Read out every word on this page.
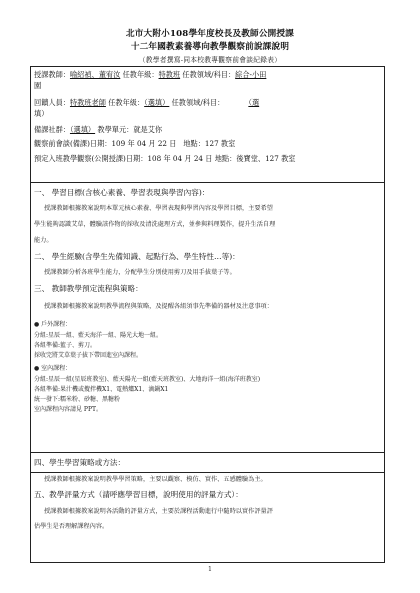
北市大附小108學年度校長及教師公開授課
十二年國教素養導向教學觀察前說課說明
（教學者撰寫-同本校教專觀察前會談紀錄表）
授課教師：喻紹禎、董宥汝 任教年級：特教班 任教領域/科目：綜合-小田
園
回饋人員：特教班老師 任教年級：（選填） 任教領域/科目：	（選
填）
備課社群：（選填） 教學單元：就是艾你
觀察前會談(備課)日期：109 年 04 月 22 日 地點：127 教室
預定入班教學觀察(公開授課)日期：108 年 04 月 24 日 地點：後寶堂、127 教室
一、 學習目標(含核心素養、學習表現與學習內容)：
授課教師根據教案說明本單元核心素養、學習表現與學習內容及學習目標，主要希望
學生能夠認識艾草，體驗該作物的採收及清洗處理方式，並參與料理製作，提升生活自理
能力。
二、 學生經驗(含學生先備知識、起點行為、學生特性…等)：
授課教師分析各班學生能力，分配學生分別使用剪刀及用手拔葉子等。
三、 教師教學預定流程與策略：
授課教師根據教案說明教學流程與策略，及提醒各組須事先準備的器材及注意事項：
● 戶外課程：
分組:星辰一組、藍天海洋一組、陽光大地一組。
各組準備:籃子、剪刀。
採收完將艾草葉子拔下帶回進室內課程。
● 室內課程：
分組:星辰一組(星辰班教室)、藍天陽光一組(藍天班教室)、大地海洋一組(海洋班教室)
各組準備:果汁機或攪拌機X1、電熱爐X1、滴鍋X1
統一發下:糯米粉、砂糖、黑糖粉
室內課程內容請見 PPT。
四、學生學習策略或方法：
授課教師根據教案說明教學學習策略，主要以觀察、模仿、實作、五感體驗為主。
五、教學評量方式（請呼應學習目標，說明使用的評量方式）：
授課教師根據教案說明各活動的評量方式，主要於課程活動進行中隨時以實作評量評
估學生是否理解課程內容。
1
